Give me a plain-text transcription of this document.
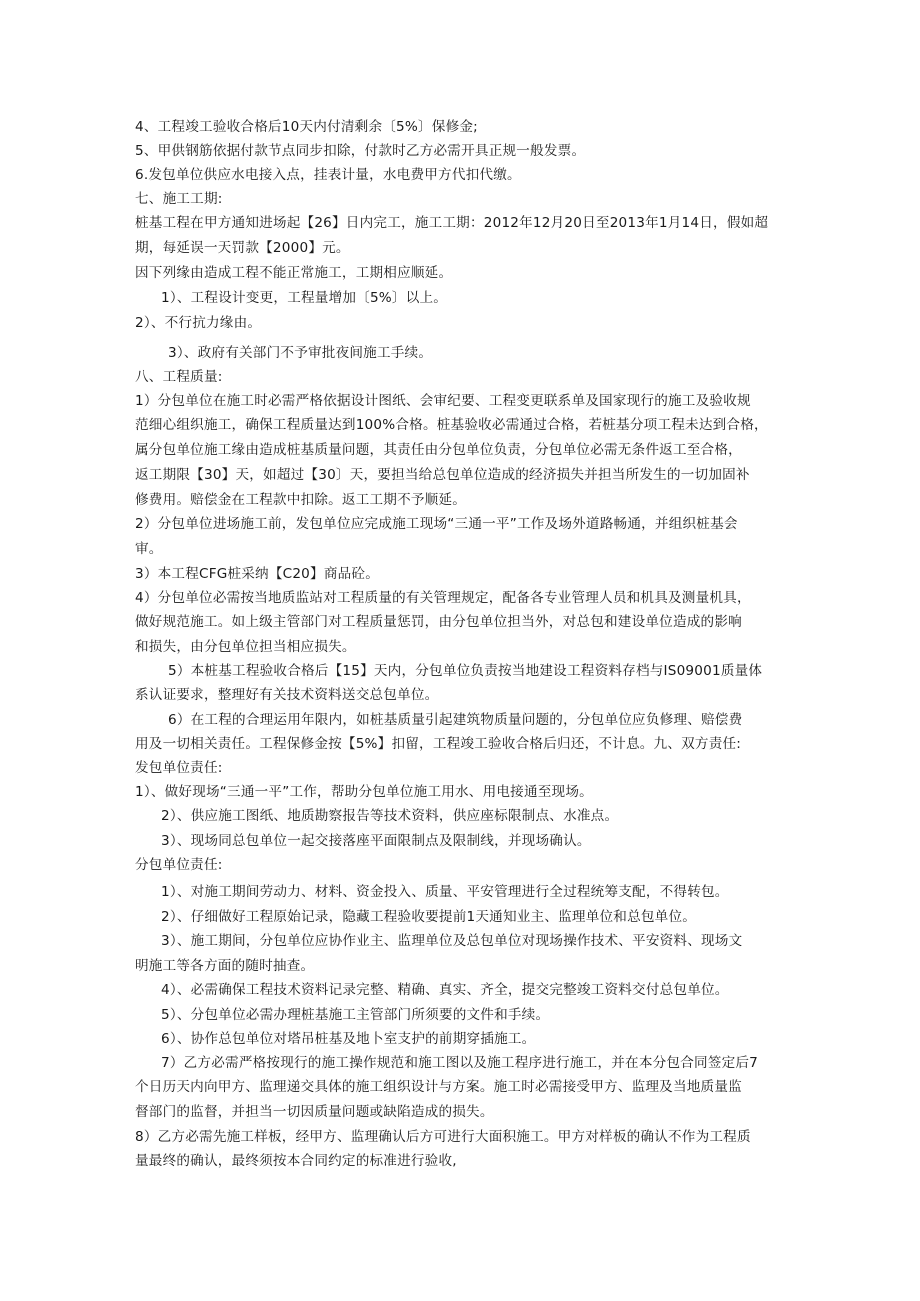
4、工程竣工验收合格后10天内付清剩余〔5%〕保修金;

5、甲供钢筋依据付款节点同步扣除，付款时乙方必需开具正规一般发票。

6.发包单位供应水电接入点，挂表计量，水电费甲方代扣代缴。

七、施工工期:

桩基工程在甲方通知进场起【26】日内完工，施工工期：2012年12月20日至2013年1月14日，假如超

期，每延误一天罚款【2000】元。

因下列缘由造成工程不能正常施工，工期相应顺延。

1）、工程设计变更，工程量增加〔5%〕以上。

2）、不行抗力缘由。

3）、政府有关部门不予审批夜间施工手续。

八、工程质量:

1）分包单位在施工时必需严格依据设计图纸、会审纪要、工程变更联系单及国家现行的施工及验收规

范细心组织施工，确保工程质量达到100%合格。桩基验收必需通过合格，若桩基分项工程未达到合格，

属分包单位施工缘由造成桩基质量问题，其责任由分包单位负责，分包单位必需无条件返工至合格，

返工期限【30】天，如超过【30〕天，要担当给总包单位造成的经济损失并担当所发生的一切加固补

修费用。赔偿金在工程款中扣除。返工工期不予顺延。

2）分包单位进场施工前，发包单位应完成施工现场“三通一平”工作及场外道路畅通，并组织桩基会

审。

3）本工程CFG桩采纳【C20】商品砼。

4）分包单位必需按当地质监站对工程质量的有关管理规定，配备各专业管理人员和机具及测量机具，

做好规范施工。如上级主管部门对工程质量惩罚，由分包单位担当外，对总包和建设单位造成的影响

和损失，由分包单位担当相应损失。

5）本桩基工程验收合格后【15】天内，分包单位负责按当地建设工程资料存档与IS09001质量体

系认证要求，整理好有关技术资料送交总包单位。

6）在工程的合理运用年限内，如桩基质量引起建筑物质量问题的，分包单位应负修理、赔偿费

用及一切相关责任。工程保修金按【5%】扣留，工程竣工验收合格后归还，不计息。九、双方责任:

发包单位责任:

1）、做好现场“三通一平”工作，帮助分包单位施工用水、用电接通至现场。

2）、供应施工图纸、地质勘察报告等技术资料，供应座标限制点、水准点。

3）、现场同总包单位一起交接落座平面限制点及限制线，并现场确认。

分包单位责任:

1）、对施工期间劳动力、材料、资金投入、质量、平安管理进行全过程统筹支配，不得转包。

2）、仔细做好工程原始记录，隐藏工程验收要提前1天通知业主、监理单位和总包单位。

3）、施工期间，分包单位应协作业主、监理单位及总包单位对现场操作技术、平安资料、现场文

明施工等各方面的随时抽查。

4）、必需确保工程技术资料记录完整、精确、真实、齐全，提交完整竣工资料交付总包单位。

5）、分包单位必需办理桩基施工主管部门所须要的文件和手续。

6）、协作总包单位对塔吊桩基及地卜室支护的前期穿插施工。

7）乙方必需严格按现行的施工操作规范和施工图以及施工程序进行施工，并在本分包合同签定后7

个日历天内向甲方、监理递交具体的施工组织设计与方案。施工时必需接受甲方、监理及当地质量监

督部门的监督，并担当一切因质量问题或缺陷造成的损失。

8）乙方必需先施工样板，经甲方、监理确认后方可进行大面积施工。甲方对样板的确认不作为工程质

量最终的确认，最终须按本合同约定的标准进行验收,
